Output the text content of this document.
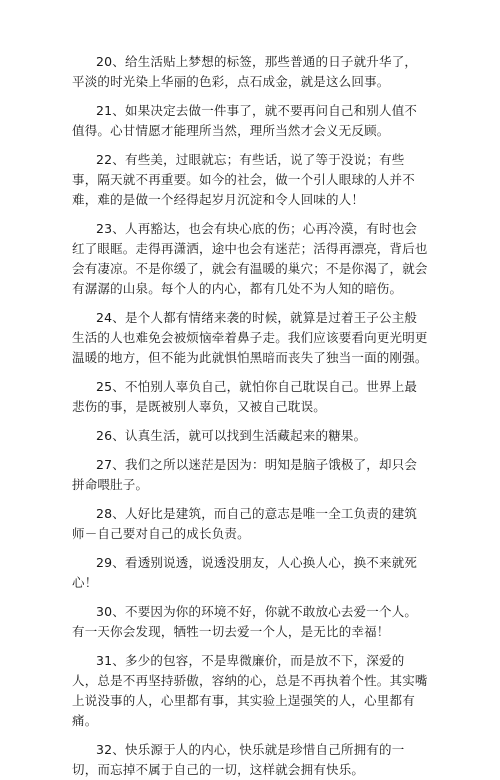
20、给生活贴上梦想的标签，那些普通的日子就升华了，平淡的时光染上华丽的色彩，点石成金，就是这么回事。

21、如果决定去做一件事了，就不要再问自己和别人值不值得。心甘情愿才能理所当然，理所当然才会义无反顾。

22、有些美，过眼就忘；有些话，说了等于没说；有些事，隔天就不再重要。如今的社会，做一个引人眼球的人并不难，难的是做一个经得起岁月沉淀和令人回味的人！

23、人再豁达，也会有块心底的伤；心再冷漠，有时也会红了眼眶。走得再潇洒，途中也会有迷茫；活得再漂亮，背后也会有凄凉。不是你缓了，就会有温暖的巢穴；不是你渴了，就会有潺潺的山泉。每个人的内心，都有几处不为人知的暗伤。

24、是个人都有情绪来袭的时候，就算是过着王子公主般生活的人也难免会被烦恼牵着鼻子走。我们应该要看向更光明更温暖的地方，但不能为此就惧怕黑暗而丧失了独当一面的刚强。

25、不怕别人辜负自己，就怕你自己耽误自己。世界上最悲伤的事，是既被别人辜负，又被自己耽误。

26、认真生活，就可以找到生活藏起来的糖果。

27、我们之所以迷茫是因为：明知是脑子饿极了，却只会拼命喂肚子。

28、人好比是建筑，而自己的意志是唯一全工负责的建筑师－自己要对自己的成长负责。

29、看透别说透，说透没朋友，人心换人心，换不来就死心！

30、不要因为你的环境不好，你就不敢放心去爱一个人。有一天你会发现，牺牲一切去爱一个人，是无比的幸福！

31、多少的包容，不是卑微廉价，而是放不下，深爱的人，总是不再坚持骄傲，容纳的心，总是不再执着个性。其实嘴上说没事的人，心里都有事，其实验上逞强笑的人，心里都有痛。

32、快乐源于人的内心，快乐就是珍惜自己所拥有的一切，而忘掉不属于自己的一切，这样就会拥有快乐。
